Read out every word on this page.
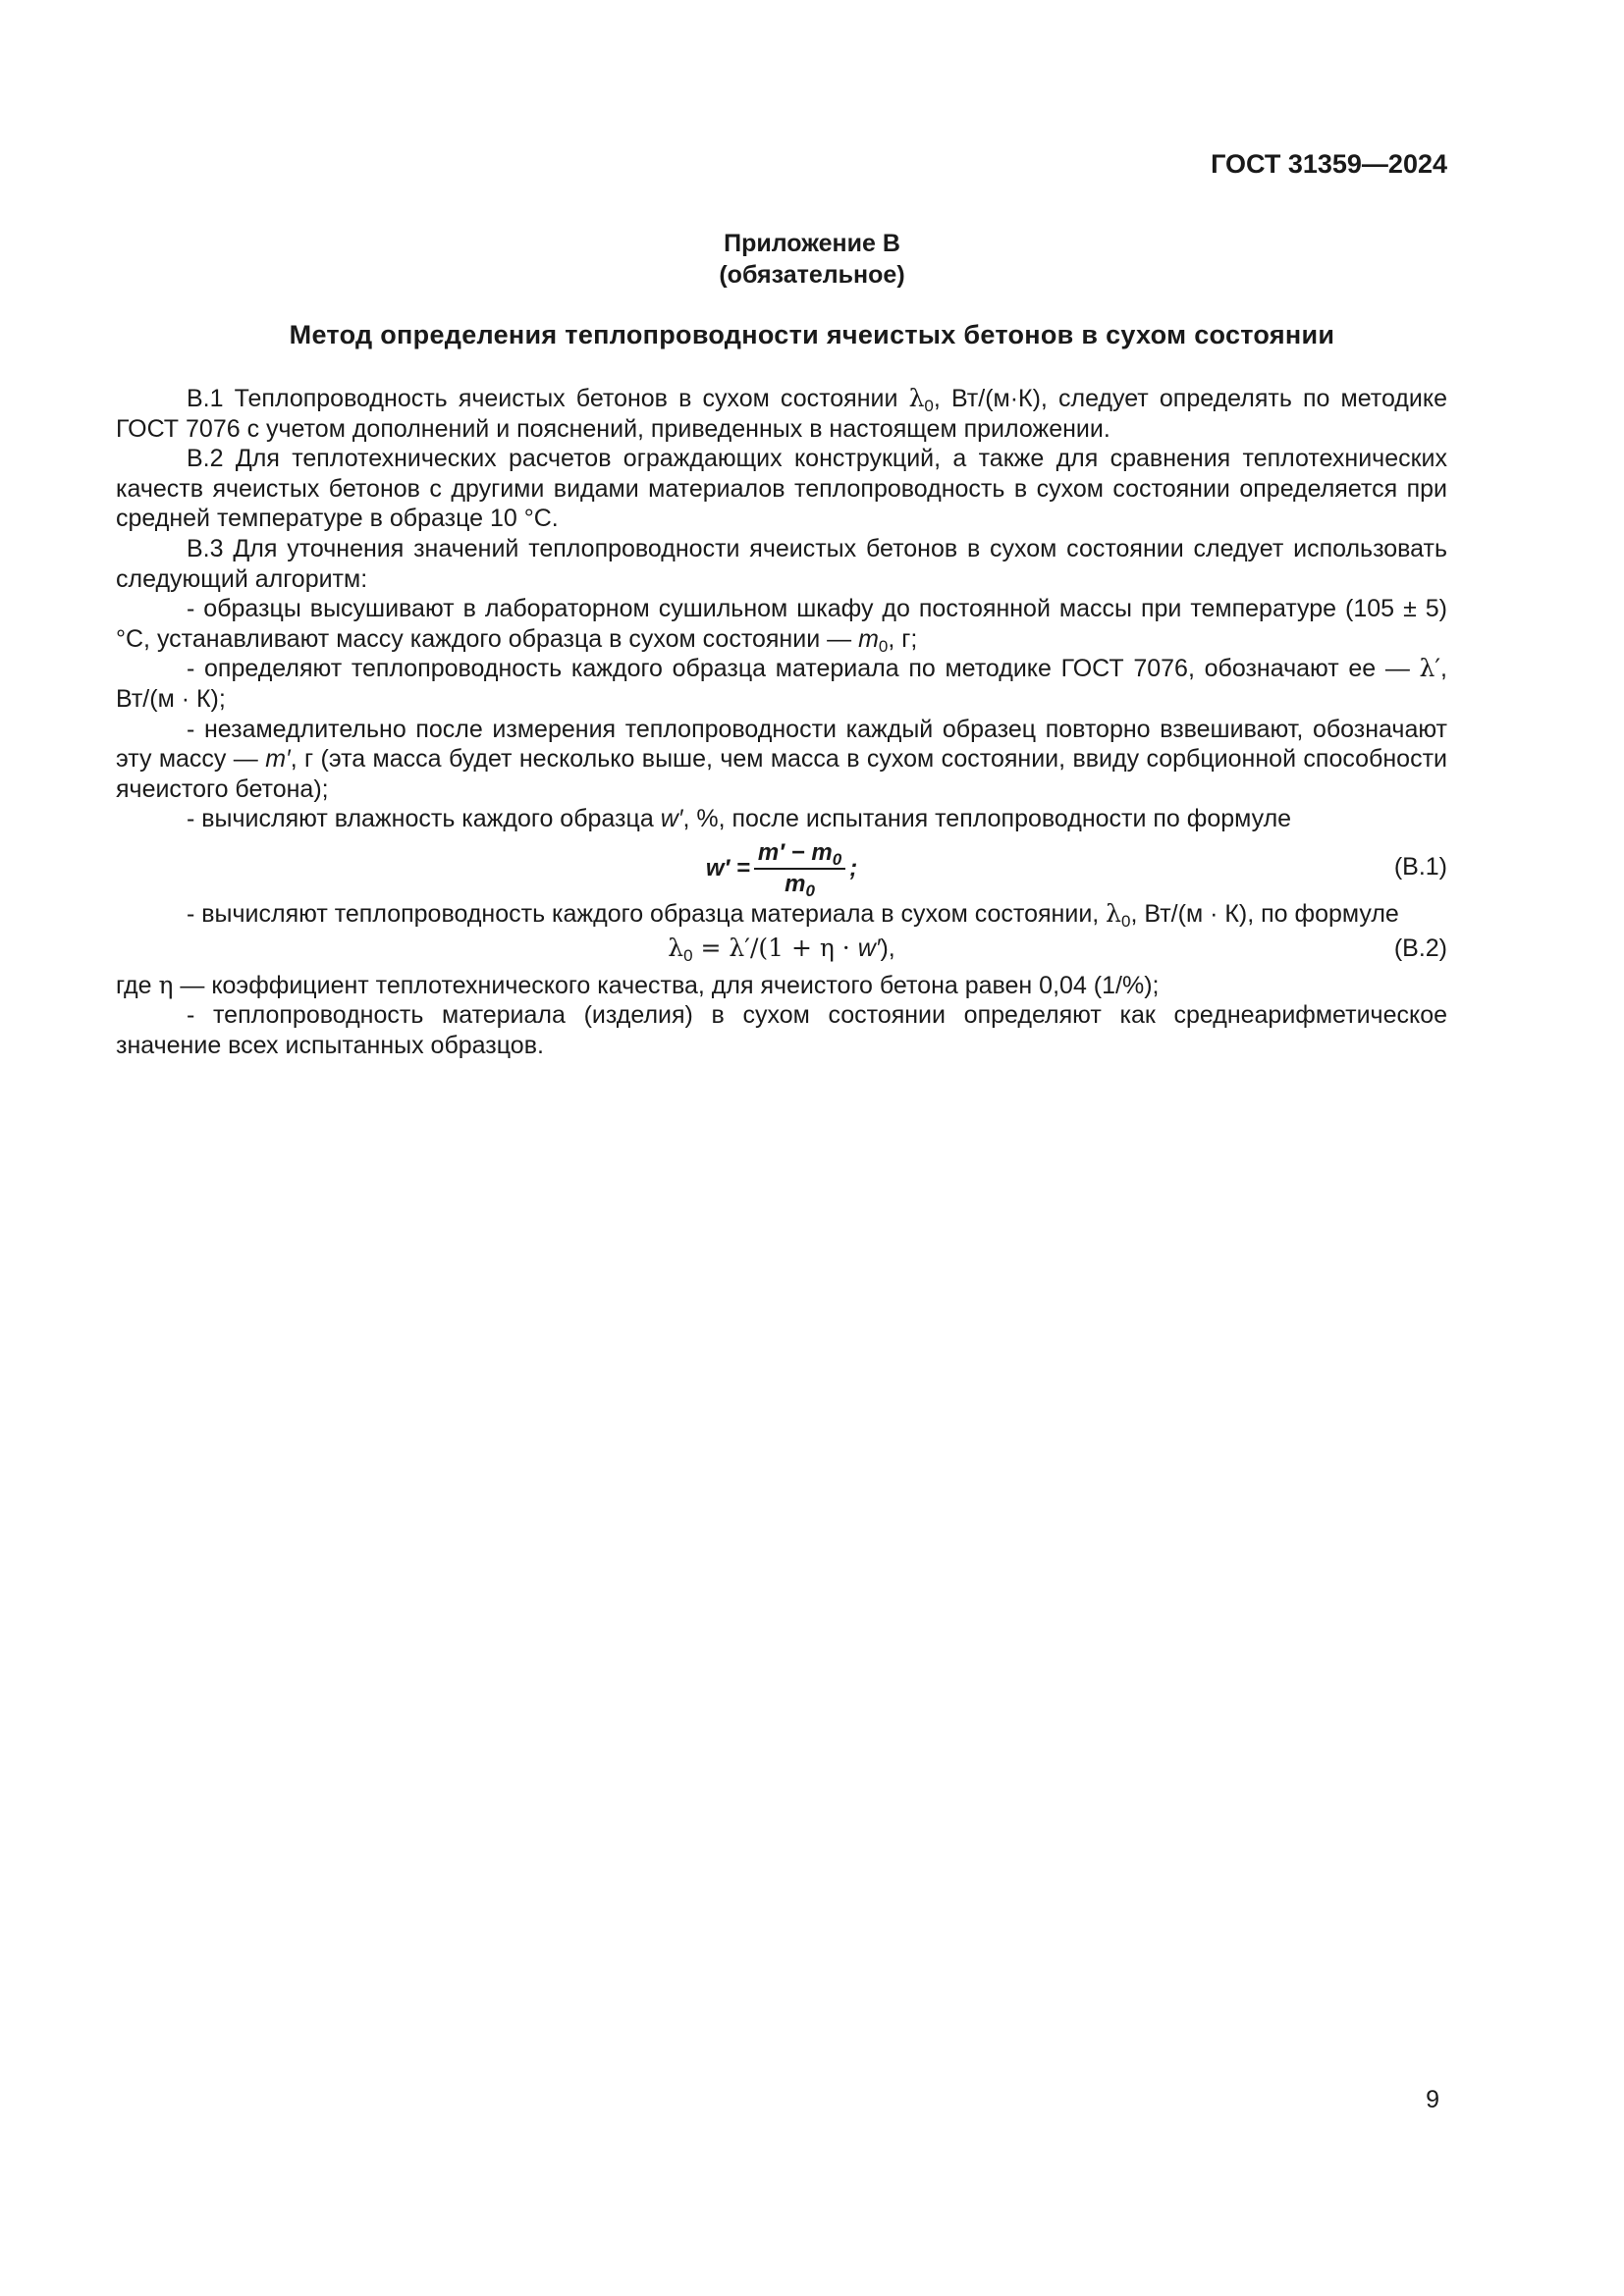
ГОСТ 31359—2024
Приложение В
(обязательное)
Метод определения теплопроводности ячеистых бетонов в сухом состоянии

В.1 Теплопроводность ячеистых бетонов в сухом состоянии $\lambda_0$, Вт/(м·К), следует определять по методике ГОСТ 7076 с учетом дополнений и пояснений, приведенных в настоящем приложении.

В.2 Для теплотехнических расчетов ограждающих конструкций, а также для сравнения теплотехнических качеств ячеистых бетонов с другими видами материалов теплопроводность в сухом состоянии определяется при средней температуре в образце 10 °С.

В.3 Для уточнения значений теплопроводности ячеистых бетонов в сухом состоянии следует использовать следующий алгоритм:

- образцы высушивают в лабораторном сушильном шкафу до постоянной массы при температуре (105 ± 5) °С, устанавливают массу каждого образца в сухом состоянии — $m_0$, г;

- определяют теплопроводность каждого образца материала по методике ГОСТ 7076, обозначают ее — λ′, Вт/(м · К);

- незамедлительно после измерения теплопроводности каждый образец повторно взвешивают, обозначают эту массу — m′, г (эта масса будет несколько выше, чем масса в сухом состоянии, ввиду сорбционной способности ячеистого бетона);

- вычисляют влажность каждого образца w′, %, после испытания теплопроводности по формуле

$w' = \frac{m' - m_0}{m_0}$ ;	(В.1)

- вычисляют теплопроводность каждого образца материала в сухом состоянии, $\lambda_0$, Вт/(м · К), по формуле

$\lambda_0 = \lambda'/(1 + \eta \cdot w')$,	(В.2)

где η — коэффициент теплотехнического качества, для ячеистого бетона равен 0,04 (1/%);

- теплопроводность материала (изделия) в сухом состоянии определяют как среднеарифметическое значение всех испытанных образцов.

9
